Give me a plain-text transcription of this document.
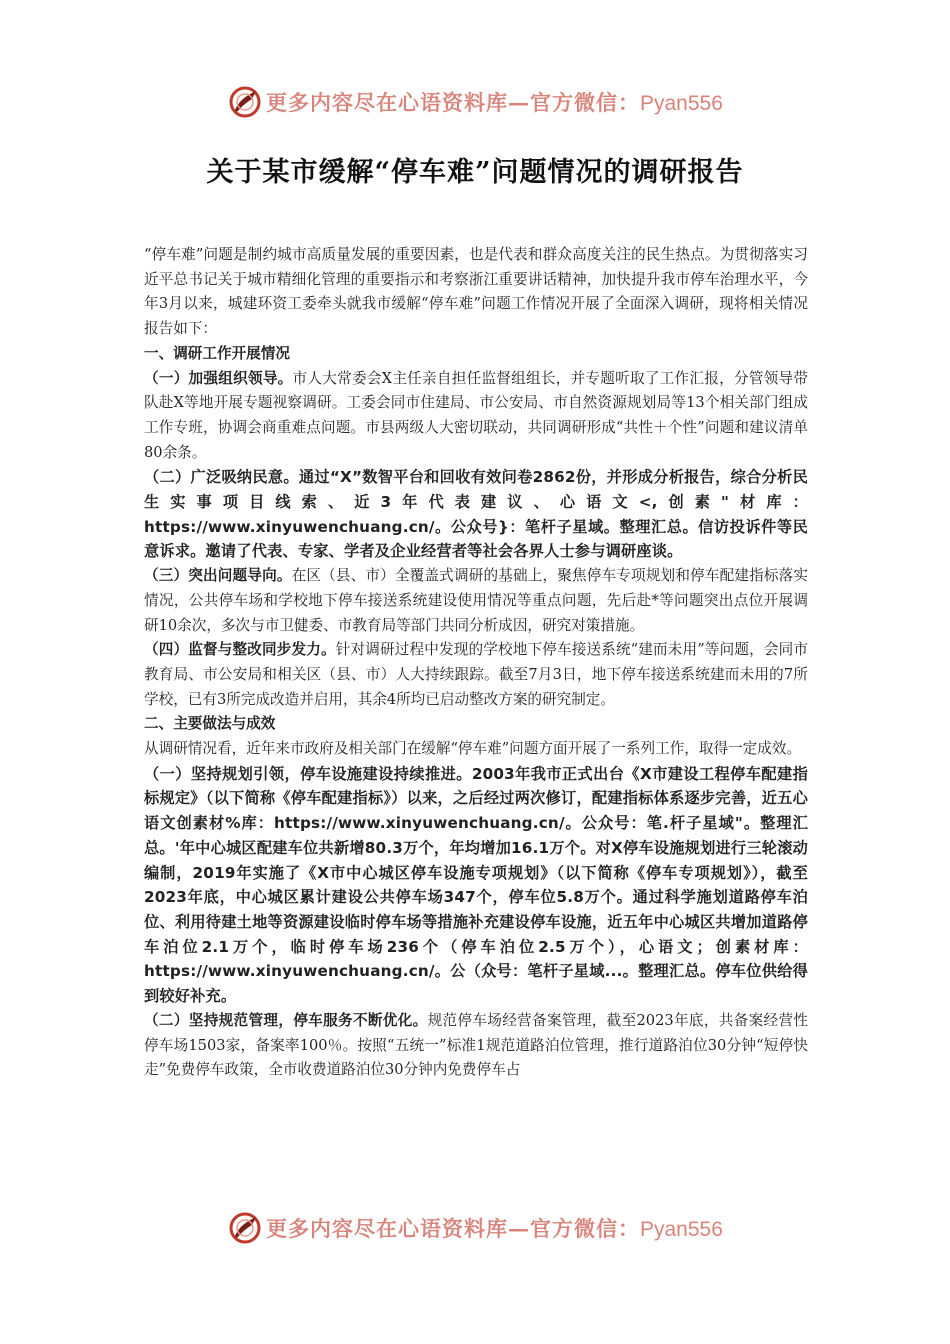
更多内容尽在心语资料库—官方微信：Pyan556
关于某市缓解“停车难”问题情况的调研报告

“停车难”问题是制约城市高质量发展的重要因素，也是代表和群众高度关注的民生热点。为贯彻落实习近平总书记关于城市精细化管理的重要指示和考察浙江重要讲话精神，加快提升我市停车治理水平，今年3月以来，城建环资工委牵头就我市缓解“停车难”问题工作情况开展了全面深入调研，现将相关情况报告如下：

一、调研工作开展情况

（一）加强组织领导。市人大常委会X主任亲自担任监督组组长，并专题听取了工作汇报，分管领导带队赴X等地开展专题视察调研。工委会同市住建局、市公安局、市自然资源规划局等13个相关部门组成工作专班，协调会商重难点问题。市县两级人大密切联动，共同调研形成“共性＋个性”问题和建议清单80余条。

（二）广泛吸纳民意。通过“X”数智平台和回收有效问卷2862份，并形成分析报告，综合分析民生实事项目线索、近3年代表建议、心语文<,创素"材库：https://www.xinyuwenchuang.cn/。公众号}：笔杆子星域。整理汇总。信访投诉件等民意诉求。邀请了代表、专家、学者及企业经营者等社会各界人士参与调研座谈。

（三）突出问题导向。在区（县、市）全覆盖式调研的基础上，聚焦停车专项规划和停车配建指标落实情况，公共停车场和学校地下停车接送系统建设使用情况等重点问题，先后赴*等问题突出点位开展调研10余次，多次与市卫健委、市教育局等部门共同分析成因，研究对策措施。

（四）监督与整改同步发力。针对调研过程中发现的学校地下停车接送系统“建而未用”等问题，会同市教育局、市公安局和相关区（县、市）人大持续跟踪。截至7月3日，地下停车接送系统建而未用的7所学校，已有3所完成改造并启用，其余4所均已启动整改方案的研究制定。

二、主要做法与成效

从调研情况看，近年来市政府及相关部门在缓解“停车难”问题方面开展了一系列工作，取得一定成效。

（一）坚持规划引领，停车设施建设持续推进。2003年我市正式出台《X市建设工程停车配建指标规定》（以下简称《停车配建指标》）以来，之后经过两次修订，配建指标体系逐步完善，近五心语文创素材%库：https://www.xinyuwenchuang.cn/。公众号：笔.杆子星域"。整理汇总。'年中心城区配建车位共新增80.3万个，年均增加16.1万个。对X停车设施规划进行三轮滚动编制，2019年实施了《X市中心城区停车设施专项规划》（以下简称《停车专项规划》），截至2023年底，中心城区累计建设公共停车场347个，停车位5.8万个。通过科学施划道路停车泊位、利用待建土地等资源建设临时停车场等措施补充建设停车设施，近五年中心城区共增加道路停车泊位2.1万个，临时停车场236个（停车泊位2.5万个），心语文；创素材库：https://www.xinyuwenchuang.cn/。公（众号：笔杆子星域...。整理汇总。停车位供给得到较好补充。

（二）坚持规范管理，停车服务不断优化。规范停车场经营备案管理，截至2023年底，共备案经营性停车场1503家，备案率100％。按照“五统一”标准1规范道路泊位管理，推行道路泊位30分钟“短停快走”免费停车政策，全市收费道路泊位30分钟内免费停车占

更多内容尽在心语资料库—官方微信：Pyan556
